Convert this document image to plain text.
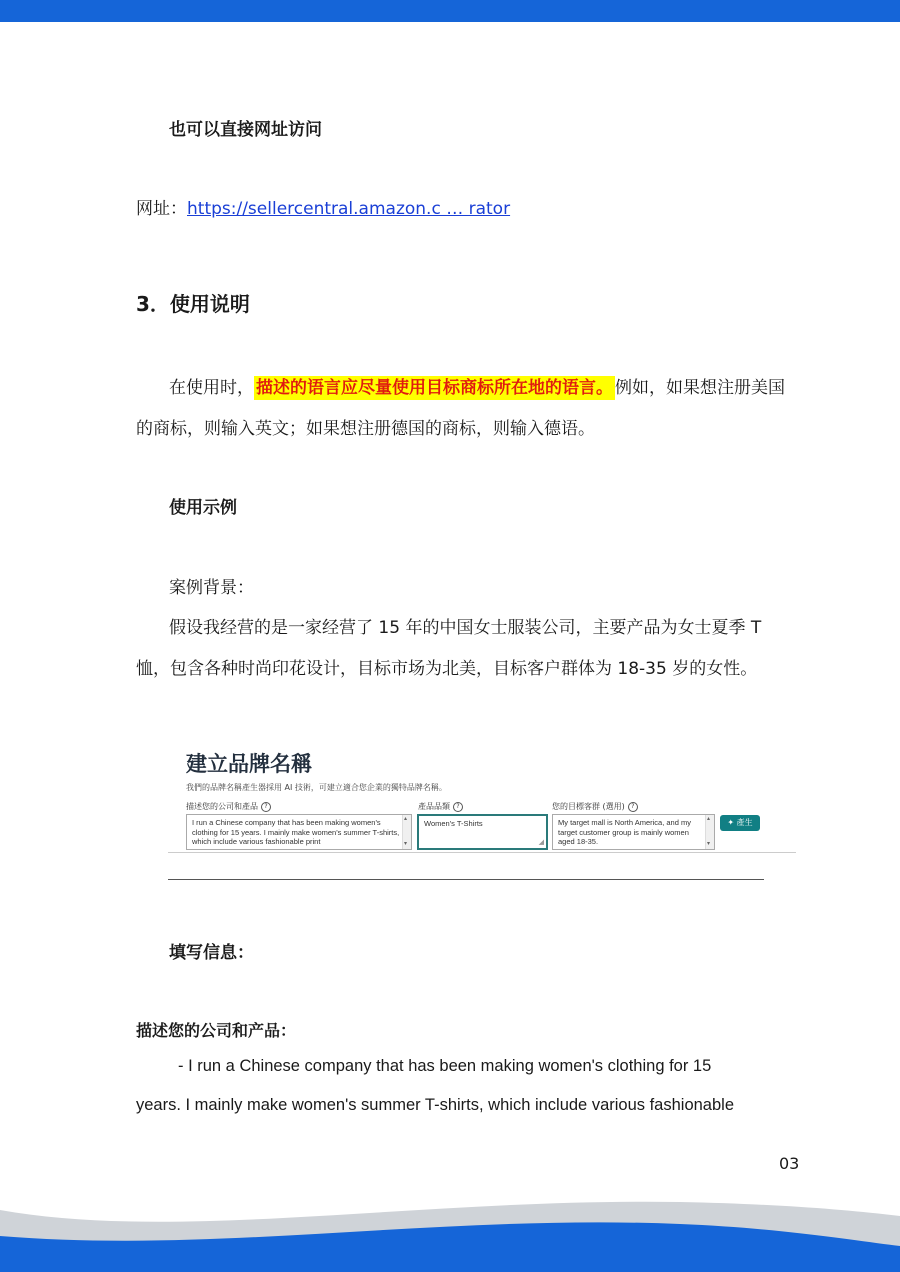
也可以直接网址访问
网址：https://sellercentral.amazon.c … rator
3．使用说明
在使用时， 描述的语言应尽量使用目标商标所在地的语言。 例如，如果想注册美国
的商标，则输入英文；如果想注册德国的商标，则输入德语。
使用示例
案例背景：
假设我经营的是一家经营了 15 年的中国女士服装公司，主要产品为女士夏季 T
恤，包含各种时尚印花设计，目标市场为北美，目标客户群体为 18-35 岁的女性。
建立品牌名稱
我們的品牌名稱產生器採用 AI 技術，可建立適合您企業的獨特品牌名稱。
描述您的公司和產品 ?
I run a Chinese company that has been making women's clothing for 15 years. I mainly make women's summer T-shirts, which include various fashionable print
▴ ▾
產品品類 ?
Women's T-Shirts
◢
您的目標客群 (選用) ?
My target mall is North America, and my target customer group is mainly women aged 18-35.
▴ ▾
✦ 產生
填写信息：
描述您的公司和产品：
- I run a Chinese company that has been making women's clothing for 15
years. I mainly make women's summer T-shirts, which include various fashionable
03
